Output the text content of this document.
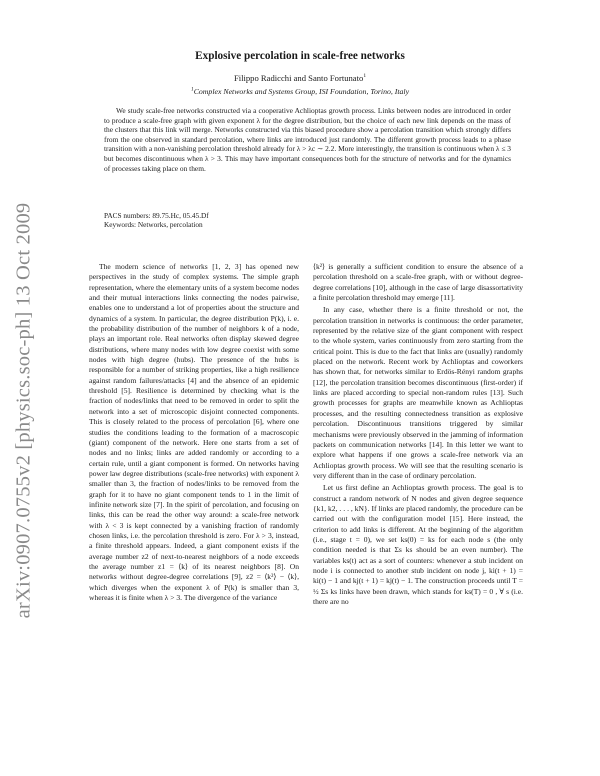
arXiv:0907.0755v2 [physics.soc-ph] 13 Oct 2009
Explosive percolation in scale-free networks
Filippo Radicchi and Santo Fortunato$^1$
$^1$Complex Networks and Systems Group, ISI Foundation, Torino, Italy

We study scale-free networks constructed via a cooperative Achlioptas growth process. Links between nodes are introduced in order to produce a scale-free graph with given exponent λ for the degree distribution, but the choice of each new link depends on the mass of the clusters that this link will merge. Networks constructed via this biased procedure show a percolation transition which strongly differs from the one observed in standard percolation, where links are introduced just randomly. The different growth process leads to a phase transition with a non-vanishing percolation threshold already for λ > λc ∼ 2.2. More interestingly, the transition is continuous when λ ≤ 3 but becomes discontinuous when λ > 3. This may have important consequences both for the structure of networks and for the dynamics of processes taking place on them.

PACS numbers: 89.75.Hc, 05.45.Df
Keywords: Networks, percolation

The modern science of networks [1, 2, 3] has opened new perspectives in the study of complex systems. The simple graph representation, where the elementary units of a system become nodes and their mutual interactions links connecting the nodes pairwise, enables one to understand a lot of properties about the structure and dynamics of a system. In particular, the degree distribution P(k), i. e. the probability distribution of the number of neighbors k of a node, plays an important role. Real networks often display skewed degree distributions, where many nodes with low degree coexist with some nodes with high degree (hubs). The presence of the hubs is responsible for a number of striking properties, like a high resilience against random failures/attacks [4] and the absence of an epidemic threshold [5]. Resilience is determined by checking what is the fraction of nodes/links that need to be removed in order to split the network into a set of microscopic disjoint connected components. This is closely related to the process of percolation [6], where one studies the conditions leading to the formation of a macroscopic (giant) component of the network. Here one starts from a set of nodes and no links; links are added randomly or according to a certain rule, until a giant component is formed. On networks having power law degree distributions (scale-free networks) with exponent λ smaller than 3, the fraction of nodes/links to be removed from the graph for it to have no giant component tends to 1 in the limit of infinite network size [7]. In the spirit of percolation, and focusing on links, this can be read the other way around: a scale-free network with λ < 3 is kept connected by a vanishing fraction of randomly chosen links, i.e. the percolation threshold is zero. For λ > 3, instead, a finite threshold appears. Indeed, a giant component exists if the average number z2 of next-to-nearest neighbors of a node exceeds the average number z1 = ⟨k⟩ of its nearest neighbors [8]. On networks without degree-degree correlations [9], z2 = ⟨k²⟩ − ⟨k⟩, which diverges when the exponent λ of P(k) is smaller than 3, whereas it is finite when λ > 3. The divergence of the variance

⟨k²⟩ is generally a sufficient condition to ensure the absence of a percolation threshold on a scale-free graph, with or without degree-degree correlations [10], although in the case of large disassortativity a finite percolation threshold may emerge [11].

In any case, whether there is a finite threshold or not, the percolation transition in networks is continuous: the order parameter, represented by the relative size of the giant component with respect to the whole system, varies continuously from zero starting from the critical point. This is due to the fact that links are (usually) randomly placed on the network. Recent work by Achlioptas and coworkers has shown that, for networks similar to Erdös-Rényi random graphs [12], the percolation transition becomes discontinuous (first-order) if links are placed according to special non-random rules [13]. Such growth processes for graphs are meanwhile known as Achlioptas processes, and the resulting connectedness transition as explosive percolation. Discontinuous transitions triggered by similar mechanisms were previously observed in the jamming of information packets on communication networks [14]. In this letter we want to explore what happens if one grows a scale-free network via an Achlioptas growth process. We will see that the resulting scenario is very different than in the case of ordinary percolation.

Let us first define an Achlioptas growth process. The goal is to construct a random network of N nodes and given degree sequence {k1, k2, . . . , kN}. If links are placed randomly, the procedure can be carried out with the configuration model [15]. Here instead, the criterion to add links is different. At the beginning of the algorithm (i.e., stage t = 0), we set ks(0) = ks for each node s (the only condition needed is that Σs ks should be an even number). The variables ks(t) act as a sort of counters: whenever a stub incident on node i is connected to another stub incident on node j, ki(t + 1) = ki(t) − 1 and kj(t + 1) = kj(t) − 1. The construction proceeds until T = ½ Σs ks links have been drawn, which stands for ks(T) = 0 , ∀ s (i.e. there are no
